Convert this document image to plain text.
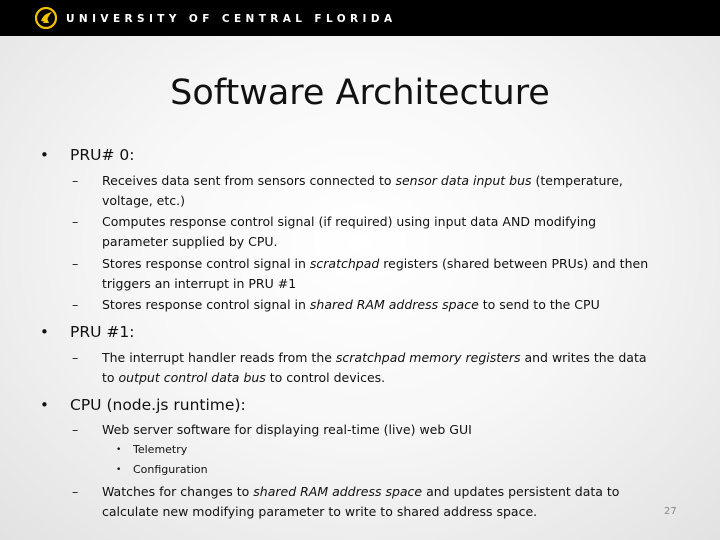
UNIVERSITY OF CENTRAL FLORIDA
Software Architecture
• PRU# 0:
– Receives data sent from sensors connected to sensor data input bus (temperature,
voltage, etc.)
– Computes response control signal (if required) using input data AND modifying
parameter supplied by CPU.
– Stores response control signal in scratchpad registers (shared between PRUs) and then
triggers an interrupt in PRU #1
– Stores response control signal in shared RAM address space to send to the CPU
• PRU #1:
– The interrupt handler reads from the scratchpad memory registers and writes the data
to output control data bus to control devices.
• CPU (node.js runtime):
– Web server software for displaying real-time (live) web GUI
• Telemetry
• Configuration
– Watches for changes to shared RAM address space and updates persistent data to
calculate new modifying parameter to write to shared address space.	27
